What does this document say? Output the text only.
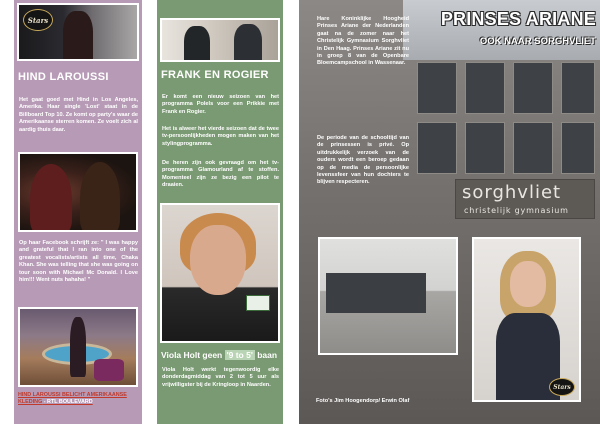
Stars
HIND LAROUSSI
Het gaat goed met Hind in Los Angeles, Amerika. Haar single 'Lost' staat in de Billboard Top 10. Ze komt op party's waar de Amerikaanse sterren komen. Ze voelt zich al aardig thuis daar.
Op haar Facebook schrijft ze: " I was happy and grateful that I ran into one of the greatest vocalists/artists all time, Chaka Khan. She was telling that she was going on tour soon with Michael Mc Donald. I Love him!!! Went nuts hahaha! "
HIND LAROUSSI BELICHT AMERIKAANSE KLEDING - RTL BOULEVARD
FRANK EN ROGIER
Er komt een nieuw seizoen van het programma Polels voor een Prikkie met Frank en Rogier.
Het is alweer het vierde seizoen dat de twee tv-persoonlijkheden mogen maken van het stylingprogramma.
De heren zijn ook gevraagd om het tv-programma Glamourland af te stoffen. Momenteel zijn ze bezig een pilot te draaien.
Viola Holt geen '9 to 5' baan
Viola Holt werkt tegenwoordig elke donderdagmiddag van 2 tot 5 uur als vrijwilligster bij de Kringloop in Naarden.
sorghvliet
christelijk gymnasium
PRINSES ARIANE
OOK NAAR SORGHVLIET
Hare Koninklijke Hoogheid Prinses Ariane der Nederlanden gaat na de zomer naar het Christelijk Gymnasium Sorghvliet in Den Haag. Prinses Ariane zit nu in groep 8 van de Openbare Bloemcampschool in Wassenaar.
De periode van de schooltijd van de prinsessen is privé. Op uitdrukkelijk verzoek van de ouders wordt een beroep gedaan op de media de persoonlijke levenssfeer van hun dochters te blijven respecteren.
Stars
Foto's Jim Hoogendorp/ Erwin Olaf
